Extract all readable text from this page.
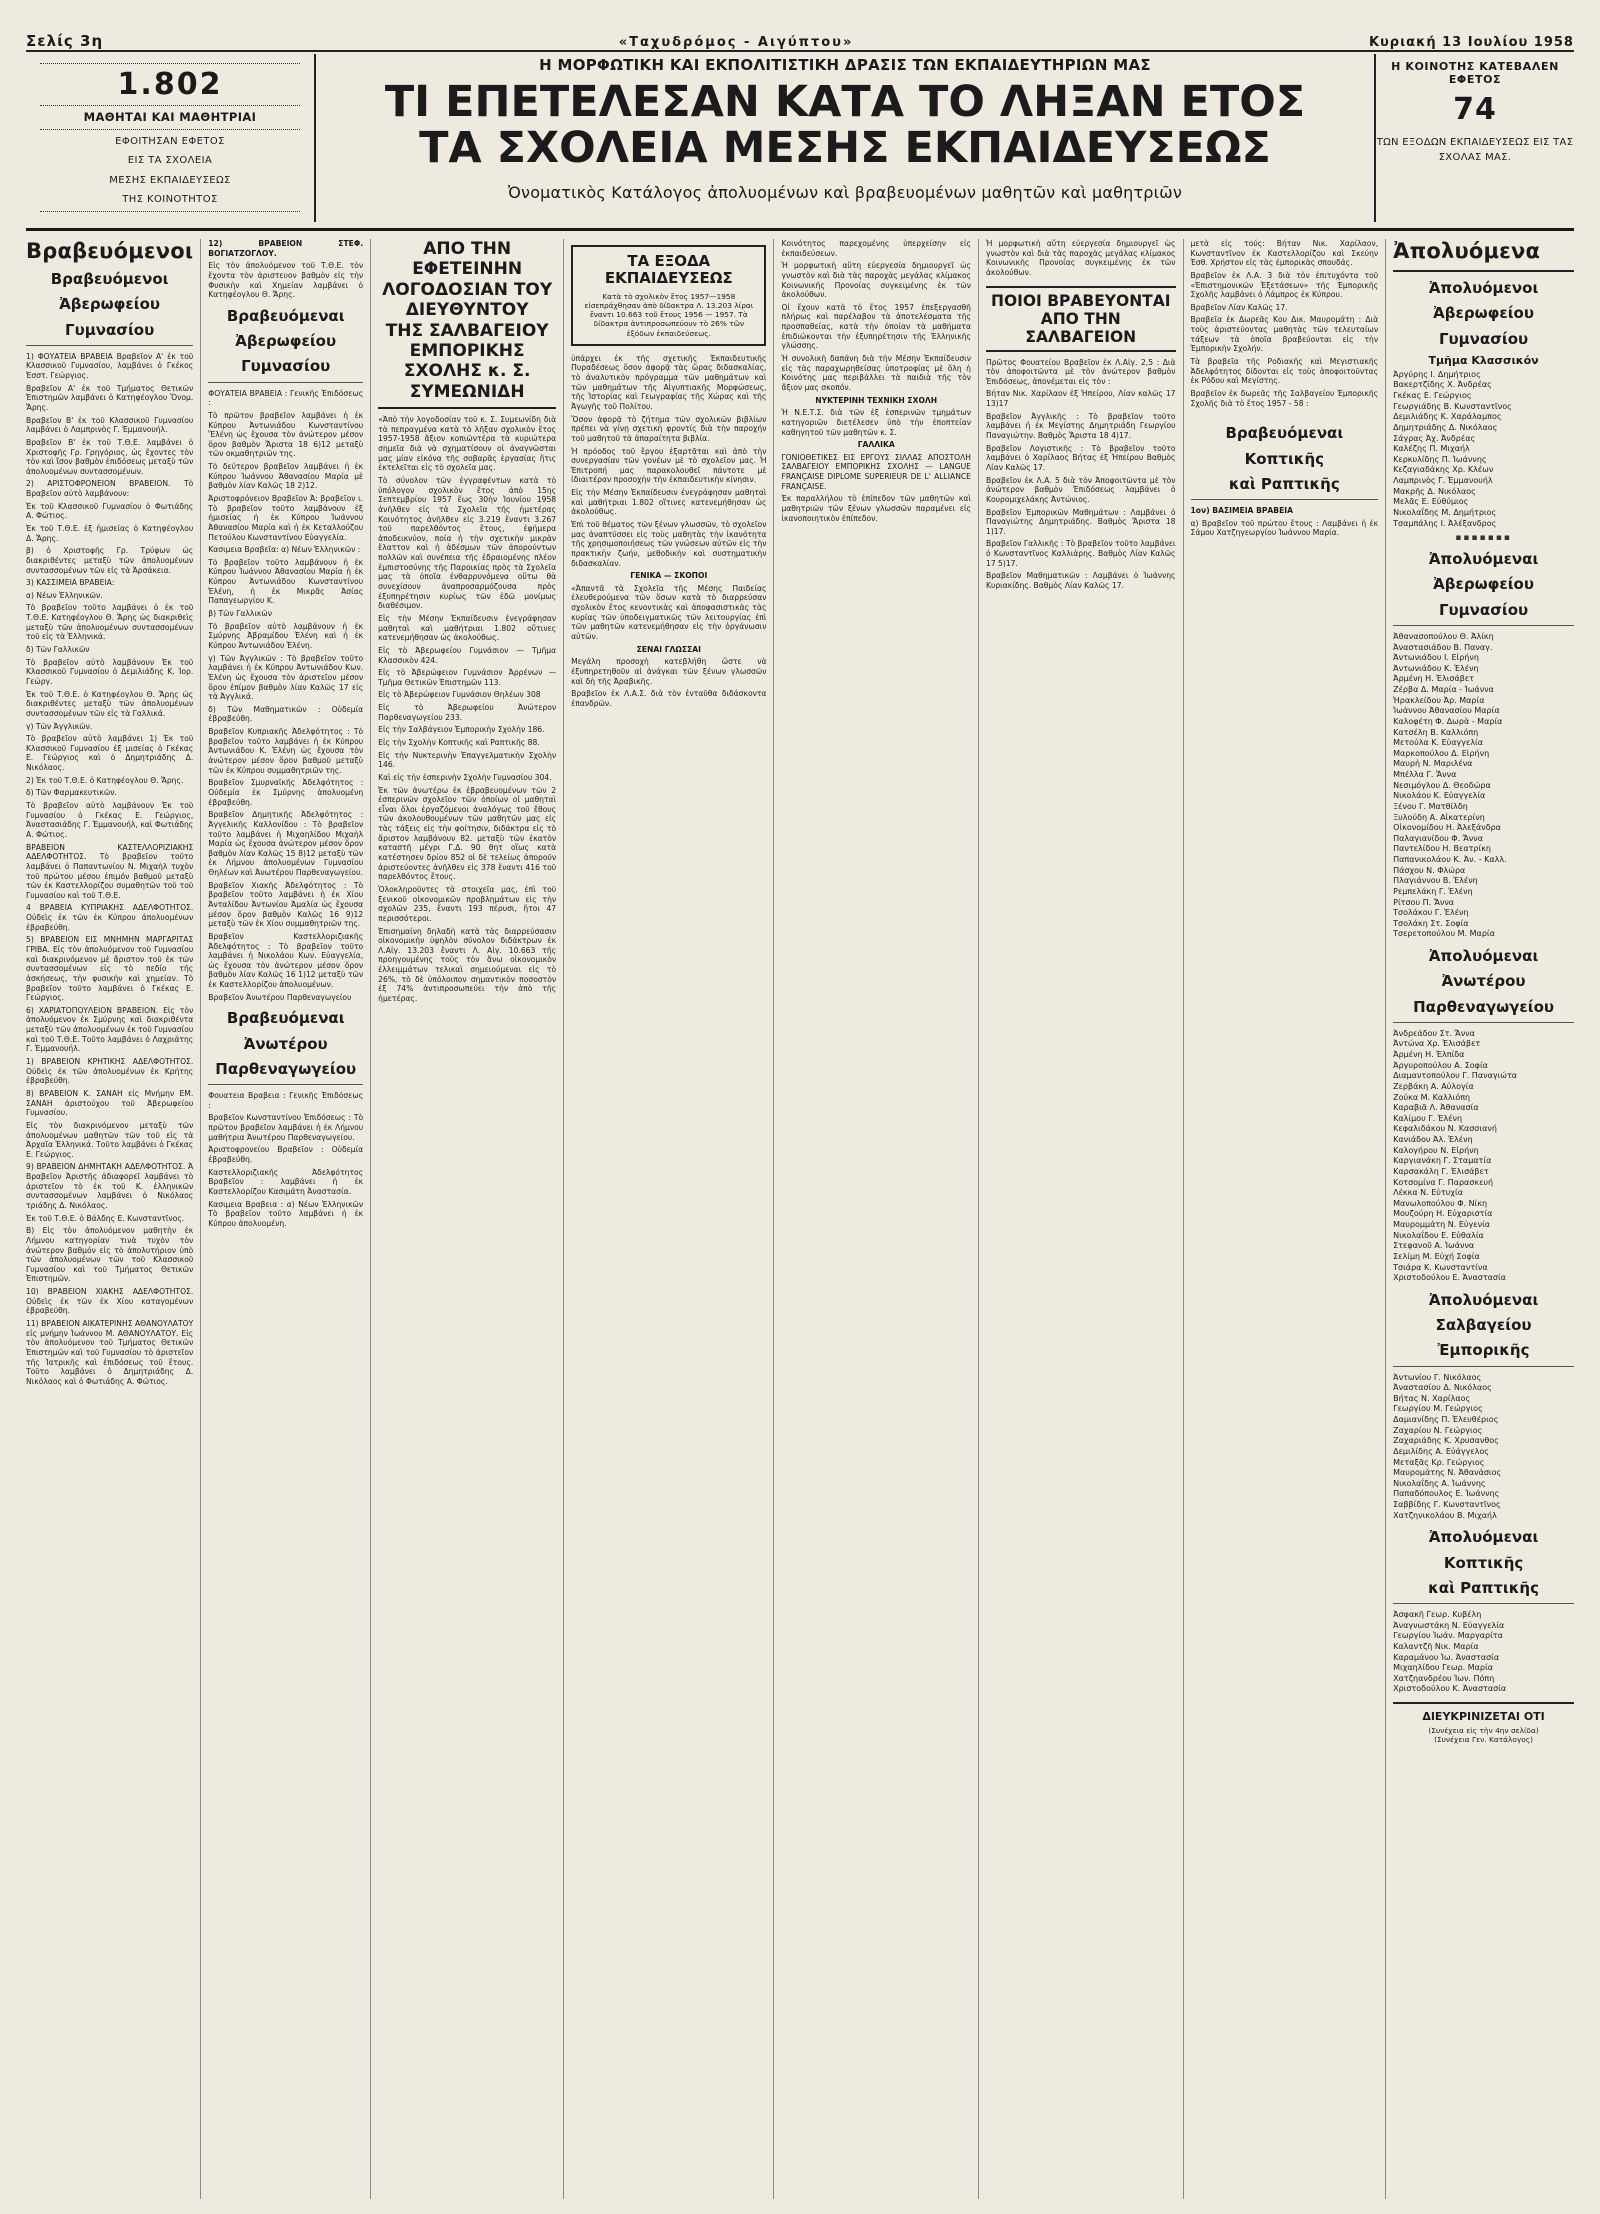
Σελίς 3η	«Ταχυδρόμος - Αιγύπτου»	Κυριακή 13 Ιουλίου 1958
1.802
ΜΑΘΗΤΑΙ ΚΑΙ ΜΑΘΗΤΡΙΑΙ
ΕΦΟΙΤΗΣΑΝ ΕΦΕΤΟΣ
ΕΙΣ ΤΑ ΣΧΟΛΕΙΑ
ΜΕΣΗΣ ΕΚΠΑΙΔΕΥΣΕΩΣ
ΤΗΣ ΚΟΙΝΟΤΗΤΟΣ
Η ΜΟΡΦΩΤΙΚΗ ΚΑΙ ΕΚΠΟΛΙΤΙΣΤΙΚΗ ΔΡΑΣΙΣ ΤΩΝ ΕΚΠΑΙΔΕΥΤΗΡΙΩΝ ΜΑΣ
ΤΙ ΕΠΕΤΕΛΕΣΑΝ ΚΑΤΑ ΤΟ ΛΗΞΑΝ ΕΤΟΣ
ΤΑ ΣΧΟΛΕΙΑ ΜΕΣΗΣ ΕΚΠΑΙΔΕΥΣΕΩΣ
Ὀνοματικὸς Κατάλογος ἀπολυομένων καὶ βραβευομένων μαθητῶν καὶ μαθητριῶν
Η ΚΟΙΝΟΤΗΣ ΚΑΤΕΒΑΛΕΝ ΕΦΕΤΟΣ
74
ΤΩΝ ΕΞΟΔΩΝ ΕΚΠΑΙΔΕΥΣΕΩΣ ΕΙΣ ΤΑΣ ΣΧΟΛΑΣ ΜΑΣ.
Βραβευόμενοι
Βραβευόμενοι
Ἀβερωφείου
Γυμνασίου

1) ΦΟΥΑΤΕΙΑ ΒΡΑΒΕΙΑ Βραβεῖον Α' ἐκ τοῦ Κλασσικοῦ Γυμνασίου, λαμβάνει ὁ Γκέκος Ἐσστ. Γεώργιος.

Βραβεῖον Α' ἐκ τοῦ Τμήματος Θετικῶν Ἐπιστημῶν λαμβάνει ὁ Κατηφέογλου Ὄνομ. Ἄρης.

Βραβεῖον Β' ἐκ τοῦ Κλασσικοῦ Γυμνασίου λαμβάνει ὁ Λαμπρινὸς Γ. Ἐμμανουήλ.

Βραβεῖον Β' ἐκ τοῦ Τ.Θ.Ε. λαμβάνει ὁ Χριστοφῆς Γρ. Γρηγόριος, ὡς ἔχοντες τὸν τὸν καὶ ἴσον βαθμὸν ἐπιδόσεως μεταξὺ τῶν ἀπολυομένων συντασσομένων.

2) ΑΡΙΣΤΟΦΡΟΝΕΙΟΝ ΒΡΑΒΕΙΟΝ. Τὸ Βραβεῖον αὐτὸ λαμβάνουν:

Ἐκ τοῦ Κλασσικοῦ Γυμνασίου ὁ Φωτιάδης Α. Φώτιος.

Ἐκ τοῦ Τ.Θ.Ε. ἐξ ἡμισείας ὁ Κατηφέογλου Δ. Ἄρης.

β) ὁ Χριστοφῆς Γρ. Τρύφων ὡς διακριθέντες μεταξὺ τῶν ἀπολυομένων συντασσομένων τῶν εἰς τὰ Ἀρσάκεια.

3) ΚΑΣΣΙΜΕΙΑ ΒΡΑΒΕΙΑ:

α) Νέων Ἑλληνικῶν.

Τὸ βραβεῖον τοῦτο λαμβάνει ὁ ἐκ τοῦ Τ.Θ.Ε. Κατηφέογλου Θ. Ἄρης ὡς διακριθεὶς μεταξὺ τῶν ἀπολυομένων συντασσομένων τοῦ εἰς τὰ Ἑλληνικά.

δ) Τῶν Γαλλικῶν

Τὸ βραβεῖον αὐτὸ λαμβάνουν Ἐκ τοῦ Κλασσικοῦ Γυμνασίου ὁ Δεμιλιάδης Κ. Ἰορ. Γεώργ.

Ἐκ τοῦ Τ.Θ.Ε. ὁ Κατηφέογλου Θ. Ἄρης ὡς διακριθέντες μεταξὺ τῶν ἀπολυομένων συντασσομένων τῶν εἰς τὰ Γαλλικά.

γ) Τῶν Ἀγγλικῶν.

Τὸ βραβεῖον αὐτὸ λαμβάνει 1) Ἐκ τοῦ Κλασσικοῦ Γυμνασίου ἐξ μισείας ὁ Γκέκας Ε. Γεώργιος καὶ ὁ Δημητριάδης Δ. Νικόλαος.

2) Ἐκ τοῦ Τ.Θ.Ε. ὁ Κατηφέογλου Θ. Ἄρης.

δ) Τῶν Φαρμακευτικῶν.

Τὸ βραβεῖον αὐτὸ λαμβάνουν Ἐκ τοῦ Γυμνασίου ὁ Γκέκας Ε. Γεώργιος, Ἀναστασιάδης Γ. Ἐμμανουήλ, καὶ Φωτιάδης Α. Φώτιος.

ΒΡΑΒΕΙΟΝ ΚΑΣΤΕΛΛΟΡΙΖΙΑΚΗΣ ΑΔΕΛΦΟΤΗΤΟΣ. Τὸ βραβεῖον τοῦτο λαμβάνει ὁ Παπαντωνίου Ν. Μιχαὴλ τυχὸν τοῦ πρώτου μέσου ἐπιμόν βαθμοῦ μεταξὺ τῶν ἐκ Καστελλορίζου συμαθητῶν τοῦ τοῦ Γυμνασίου καὶ τοῦ Τ.Θ.Ε.

4 ΒΡΑΒΕΙΑ ΚΥΠΡΙΑΚΗΣ ΑΔΕΛΦΟΤΗΤΟΣ. Οὐδεὶς ἐκ τῶν ἐκ Κύπρου ἀπολυομένων ἐβραβεύθη.

5) ΒΡΑΒΕΙΟΝ ΕΙΣ ΜΝΗΜΗΝ ΜΑΡΓΑΡΙΤΑΣ ΓΡΙΒΑ. Εἰς τὸν ἀπολυόμενον τοῦ Γυμνασίου καὶ διακρινόμενον μὲ ἄριστον τοῦ ἐκ τῶν συντασσομένων εἰς τὸ πεδίο τῆς ἀσκήσεως, τὴν φυσικὴν καὶ χημείαν. Τὸ βραβεῖον τοῦτο λαμβάνει ὁ Γκέκας Ε. Γεώργιος.

6) ΧΑΡΙΑΤΟΠΟΥΛΕΙΟΝ ΒΡΑΒΕΙΟΝ. Εἰς τὸν ἀπολυόμενον ἐκ Σμύρνης καὶ διακριθέντα μεταξὺ τῶν ἀπολυομένων ἐκ τοῦ Γυμνασίου καὶ τοῦ Τ.Θ.Ε. Τοῦτο λαμβάνει ὁ Λαχριάτης Γ. Ἐμμανουήλ.

1) ΒΡΑΒΕΙΟΝ ΚΡΗΤΙΚΗΣ ΑΔΕΛΦΟΤΗΤΟΣ. Οὐδεὶς ἐκ τῶν ἀπολυομένων ἐκ Κρήτης ἐβραβεύθη.

8) ΒΡΑΒΕΙΟΝ Κ. ΣΑΝΑΗ εἰς Μνήμην ΕΜ. ΣΑΝΑΗ ἀριστούχου τοῦ Ἀβερωφείου Γυμνασίου.

Εἰς τὸν διακρινόμενον μεταξὺ τῶν ἀπολυομένων μαθητῶν τῶν τοῦ εἰς τὰ Ἀρχαῖα Ἑλληνικά. Τοῦτο λαμβάνει ὁ Γκέκας Ε. Γεώργιος.

9) ΒΡΑΒΕΙΟΝ ΔΗΜΗΤΑΚΗ ΑΔΕΛΦΟΤΗΤΟΣ. Ἀ Βραβεῖον Ἀριστῆς ἀδιαφορεῖ λαμβάνει τὸ ἀριστεῖον τὸ ἐκ τοῦ Κ. ἐλληνικῶν συντασσομένων λαμβάνει ὁ Νικόλαος τριάδης Δ. Νικόλαος.

Ἐκ τοῦ Τ.Θ.Ε. ὁ Βάλδης Ε. Κωνσταντῖνος.

Β) Εἰς τὸν ἀπολυόμενον μαθητὴν ἐκ Λήμνου κατηγορίαν τινὰ τυχὸν τὸν ἀνώτερον βαθμόν εἰς τὸ ἀπολυτήριον ὑπὸ τῶν ἀπολυομένων τῶν τοῦ Κλασσικοῦ Γυμνασίου καὶ τοῦ Τμήματος Θετικῶν Ἐπιστημῶν.

10) ΒΡΑΒΕΙΟΝ ΧΙΑΚΗΣ ΑΔΕΛΦΟΤΗΤΟΣ. Οὐδεὶς ἐκ τῶν ἐκ Χίου καταγομένων ἐβραβεύθη.

11) ΒΡΑΒΕΙΟΝ ΑΙΚΑΤΕΡΙΝΗΣ ΑΘΑΝΟΥΛΑΤΟΥ εἰς μνήμην Ἰωάννου Μ. ΑΘΑΝΟΥΛΑΤΟΥ. Εἰς τὸν ἀπολυόμενον τοῦ Τμήματος Θετικῶν Ἐπιστημῶν καὶ τοῦ Γυμνασίου τὸ ἀριστεῖον τῆς Ἰατρικῆς καὶ ἐπιδόσεως τοῦ ἔτους. Τοῦτο λαμβάνει ὁ Δημητριάδης Δ. Νικόλαος καὶ ὁ Φωτιάδης Α. Φώτιος.

12) ΒΡΑΒΕΙΟΝ ΣΤΕΦ. ΒΟΓΙΑΤΖΟΓΛΟΥ.

Εἰς τὸν ἀπολυόμενον τοῦ Τ.Θ.Ε. τὸν ἔχοντα τὸν ἀριστευον βαθμὸν εἰς τὴν Φυσικὴν καὶ Χημείαν λαμβάνει ὁ Κατηφέογλου Θ. Ἄρης.

Βραβευόμεναι
Ἀβερωφείου
Γυμνασίου

ΦΟΥΑΤΕΙΑ ΒΡΑΒΕΙΑ : Γενικῆς Ἐπιδόσεως :

Τὸ πρῶτον βραβεῖον λαμβάνει ἡ ἐκ Κύπρου Ἀντωνιάδου Κωνσταντίνου Ἕλένη ὡς ἔχουσα τὸν ἀνώτερον μέσον ὅρον βαθμὸν Ἄριστα 18 6)12 μεταξὺ τῶν οκμαθητριῶν της.

Τὸ δεύτερον βραβεῖον λαμβάνει ἡ ἐκ Κύπρου Ἰωάννου Ἀθανασίου Μαρία μὲ βαθμὸν λίαν Καλῶς 18 2)12.

Ἀριστοφρόνειον Βραβεῖον Ἀ: βραβεῖον ι. Τὸ βραβεῖον τοῦτο λαμβάνουν ἐξ ἡμισείας ἡ ἐκ Κύπρου Ἰωάννου Ἀθανασίου Μαρία καὶ ἡ ἐκ Κεταλλούζου Πετούλου Κωνσταντίνου Εὐαγγελία.

Κασιμεια Βραβεῖα: α) Νέων Ἑλληνικῶν :

Τὸ βραβεῖον τοῦτο λαμβάνουν ἡ ἐκ Κύπρου Ἰωάννου Ἀθανασίου Μαρία ἡ ἐκ Κύπρου Ἀντωνιάδου Κωνσταντίνου Ἑλένη, ἡ ἐκ Μικρᾶς Ἀσίας Παπαγεωργίου Κ.

β) Τῶν Γαλλικῶν

Τὸ βραβεῖον αὐτὸ λαμβάνουν ἡ ἐκ Σμύρνης Ἀβραμίδου Ἑλένη καὶ ἡ ἐκ Κύπρου Ἀντωνιάδου Ἑλένη.

γ) Τῶν Ἀγγλικῶν : Τὸ βραβεῖον τοῦτο λαμβάνει ἡ ἐκ Κύπρου Ἀντωνιάδου Κων. Ἑλένη ὡς ἔχουσα τὸν ἀριστεῖον μέσον ὅρον ἐπίμον βαθμὸν λίαν Καλῶς 17 εἰς τὰ Ἀγγλικά.

δ) Τῶν Μαθηματικῶν : Οὐδεμία ἐβραβεύθη.

Βραβεῖον Κυπριακῆς Ἀδελφότητος : Τὸ βραβεῖον τοῦτο λαμβάνει ἡ ἐκ Κύπρου Ἀντωνιάδου Κ. Ἑλένη ὡς ἔχουσα τὸν ἀνώτερον μέσον ὅρον βαθμοῦ μεταξὺ τῶν ἐκ Κύπρου συμμαθητριῶν της.

Βραβεῖον Σμυρναϊκῆς Ἀδελφότητος : Οὐδεμία ἐκ Σμύρνης ἀπολυομένη ἐβραβεύθη.

Βραβεῖον Δημητικῆς Ἀδελφότητος : Ἀγγελικῆς Καλλονίδου : Τὸ βραβεῖον τοῦτο λαμβάνει ἡ Μιχαηλίδου Μιχαὴλ Μαρία ὡς ἔχουσα ἀνώτερον μέσον ὅρον βαθμὸν λίαν Καλῶς 15 8)12 μεταξὺ τῶν ἐκ Λήμνου ἀπολυομένων Γυμνασίου Θηλέων καὶ Ἀνωτέρου Παρθεναγωγείου.

Βραβεῖον Χιακῆς Ἀδελφότητος : Τὸ βραβεῖον τοῦτο λαμβάνει ἡ ἐκ Χίου Ἀνταλίδου Ἀντωνίου Ἀμαλία ὡς ἔχουσα μέσον ὅρον βαθμὸν Καλῶς 16 9)12 μεταξὺ τῶν ἐκ Χίου συμμαθητριῶν της.

Βραβεῖον Καστελλοριζιακῆς Ἀδελφότητος : Τὸ βραβεῖον τοῦτο λαμβάνει ἡ Νικολάου Κων. Εὐαγγελία, ὡς ἔχουσα τὸν ἀνώτερον μέσον ὅρον βαθμὸν λίαν Καλῶς 16 1)12 μεταξὺ τῶν ἐκ Καστελλορίζου ἀπολυομένων.

Βραβεῖον Ἀνωτέρου Παρθεναγωγείου

Βραβευόμεναι
Ἀνωτέρου
Παρθεναγωγείου

Φουατεια Βραβεια : Γενικῆς Ἐπιδόσεως :

Βραβεῖον Κωνσταντίνου Ἐπιδόσεως : Τὸ πρῶτον βραβεῖον λαμβάνει ἡ ἐκ Λήμνου μαθήτρια Ἀνωτέρου Παρθεναγωγείου.

Ἀριστοφρονείου Βραβεῖον : Οὐδεμία ἐβραβεύθη.

Καστελλοριζιακῆς Ἀδελφότητος Βραβεῖον : λαμβάνει ἡ ἐκ Καστελλορίζου Κασιμάτη Ἀναστασία.

Κασιμεια Βραβεια : α) Νέων Ἑλληνικῶν Τὸ βραβεῖον τοῦτο λαμβάνει ἡ ἐκ Κύπρου ἀπολυομένη.

ΑΠΟ ΤΗΝ ΕΦΕΤΕΙΝΗΝ ΛΟΓΟΔΟΣΙΑΝ ΤΟΥ ΔΙΕΥΘΥΝΤΟΥ
ΤΗΣ ΣΑΛΒΑΓΕΙΟΥ ΕΜΠΟΡΙΚΗΣ ΣΧΟΛΗΣ κ. Σ. ΣΥΜΕΩΝΙΔΗ

«Ἀπὸ τὴν λογοδοσίαν τοῦ κ. Σ. Συμεωνίδη διὰ τὰ πεπραγμένα κατὰ τὸ λῆξαν σχολικὸν ἔτος 1957-1958 ἄξιον κοπιῶντέρα τὰ κυριώτερα σημεῖα διὰ νὰ σχηματίσουν οἱ ἀναγνῶσται μας μίαν εἰκόνα τῆς σοβαρᾶς ἐργασίας ἥτις ἐκτελεῖται εἰς τὸ σχολεῖα μας.

Τὸ σύνολον τῶν ἐγγραφέντων κατὰ τὸ ὑπόλογον σχολικὸν ἔτος ἀπὸ 15ης Σεπτεμβρίου 1957 ἕως 30ὴν Ἰουνίου 1958 ἀνῆλθεν εἰς τὰ Σχολεῖα τῆς ἡμετέρας Κοινότητος ἀνῆλθεν εἰς 3.219 ἔναντι 3.267 τοῦ παρελθόντος ἔτους, ἐφήμερα ἀποδεικνύον, ποία ἡ τὴν σχετικὴν μικρὰν ἔλαττον καὶ ἡ ἀδέσμων τῶν ἀπορούντων πολλῶν καὶ συνέπεια τῆς ἐδραιομένης πλέον ἐμπιστοσύνης τῆς Παροικίας πρὸς τὰ Σχολεῖα μας τὰ ὁποῖα ἐνθαρρυνόμενα οὕτω θὰ συνεχίσουν ἀναπροσαρμόζουσα πρὸς ἐξυπηρέτησιν κυρίως τῶν ἐδῶ μονίμως διαθέσιμον.

Εἰς τὴν Μέσην Ἐκπαίδευσιν ἐνεγράφησαν μαθηταὶ καὶ μαθήτριαι 1.802 οὕτινες κατενεμήθησαν ὡς ἀκολούθως.

Εἰς τὸ Ἀβερωφείου Γυμνάσιον — Τμῆμα Κλασσικὸν 424.

Εἰς τὸ Ἀβερώφειον Γυμνάσιον Ἀρρένων — Τμῆμα Θετικῶν Ἐπιστημῶν 113.

Εἰς τὸ Ἀβερώφειον Γυμνάσιον Θηλέων 308

Εἰς τὸ Ἀβερωφείου Ἀνώτερον Παρθεναγωγείου 233.

Εἰς τὴν Σαλβάγειον Ἐμπορικὴν Σχολὴν 186.

Εἰς τὴν Σχολὴν Κοπτικῆς καὶ Ραπτικῆς 88.

Εἰς τὴν Νυκτερινὴν Ἐπαγγελματικὴν Σχολὴν 146.

Καὶ εἰς τὴν ἑσπερινὴν Σχολὴν Γυμνασίου 304.

Ἐκ τῶν ἀνωτέρω ἐκ ἐβραβευομένων τῶν 2 ἑσπερινῶν σχολεῖον τῶν ὁποίων οἱ μαθηταὶ εἶναι ὅλοι ἐργαζόμενοι ἀναλόγως τοῦ ἔθους τῶν ἀκολουθουμένων τῶν μαθητῶν μας εἰς τὰς τάξεις εἰς τὴν φοίτησιν, διδάκτρα εἰς τὸ ἄριστον λαμβάνουν 82. μεταξὺ τῶν ἑκατὸν καταστῆ μέγρι Γ.Δ. 90 θητ οἵως κατὰ κατέστησεν δρίον 852 οἱ δὲ τελείως ἀποροῦν ἀριστεύοντες ἀνῆλθεν εἰς 378 ἔναντι 416 τοῦ παρελθόντος ἔτους.

Ὁλοκληροῦντες τὰ στοιχεῖα μας, ἐπὶ τοῦ ξενικοῦ οἰκονομικῶν προβλημάτων εἰς τὴν σχολῶν 235, ἔναντι 193 πέρυσι, ἤτοι 47 περισσότεροι.

Ἐπισημαίνη δηλαδὴ κατὰ τὰς διαρρεύσασιν οἰκονομικὴν ὑψηλὸν σύνολον διδάκτρων ἐκ Λ.Αἰγ. 13.203 ἔναντι Λ. Αἰγ. 10.663 τῆς προηγουμένης τοὺς τὸν ἄνω οἰκονομικὸν ἐλλειμμάτων τελικαὶ σημειούμεναι εἰς τὸ 26%, τὸ δὲ ὑπόλοιπον σημαντικὸν ποσοστὸν ἐξ 74% ἀντιπροσωπεύει τὴν ἀπὸ τῆς ἡμετέρας.

ΤΑ ΕΞΟΔΑ
ΕΚΠΑΙΔΕΥΣΕΩΣ
Κατὰ τὸ σχολικὸν ἔτος 1957—1958 εἰσεπράχθησαν ἀπὸ δίδακτρα Λ. 13.203 λίραι ἔναντι 10.663 τοῦ ἔτους 1956 — 1957. Τὰ δίδακτρα ἀντιπροσωπεύουν τὸ 26% τῶν ἐξόδων ἐκπαιδεύσεως.

ὑπάρχει ἐκ τῆς σχετικῆς Ἐκπαιδευτικῆς Πυραδέσεως ὅσον ἀφορᾷ τὰς ὥρας διδασκαλίας, τὸ ἀναλυτικὸν πρόγραμμα τῶν μαθημάτων καὶ τῶν μαθημάτων τῆς Αἰγυπτιακῆς Μορφώσεως, τῆς Ἱστορίας καὶ Γεωγραφίας τῆς Χώρας καὶ τῆς Ἀγωγῆς τοῦ Πολίτου.

Ὅσον ἀφορᾷ τὸ ζήτημα τῶν σχολικῶν βιβλίων πρέπει νὰ γίνῃ σχετικὴ φροντίς διὰ τὴν παροχήν τοῦ μαθητοῦ τὰ ἀπαραίτητα βιβλία.

Ἡ πρόοδος τοῦ ἔργου ἐξαρτᾶται καὶ ἀπὸ τὴν συνεργασίαν τῶν γονέων μὲ τὸ σχολεῖον μας. Ἡ Ἐπιτροπή μας παρακολουθεῖ πάντοτε μὲ ἰδιαιτέραν προσοχὴν τὴν ἐκπαιδευτικὴν κίνησιν.

Εἰς τὴν Μέσην Ἐκπαίδευσιν ἐνεγράφησαν μαθηταὶ καὶ μαθήτριαι 1.802 οἵτινες κατενεμήθησαν ὡς ἀκολούθως.

Ἐπὶ τοῦ θέματος τῶν ξένων γλωσσῶν, τὸ σχολεῖον μας ἀναπτύσσει εἰς τοὺς μαθητὰς τὴν ἱκανότητα τῆς χρησιμοποιήσεως τῶν γνώσεων αὐτῶν εἰς τὴν πρακτικὴν ζωήν, μεθοδικὴν καὶ συστηματικὴν διδασκαλίαν.

ΓΕΝΙΚΑ — ΣΚΟΠΟΙ

«Ἀπαντᾶ τὰ Σχολεῖα τῆς Μέσης Παιδείας ἐλευθερούμενα τῶν ὅσων κατὰ τὸ διαρρεύσαν σχολικὸν ἔτος κενοντικὰς καὶ ἀποφασιστικὰς τὰς κυρίας τῶν ὑποδειγματικῶς τῶν λειτουργίας ἐπὶ τῶν μαθητῶν κατενεμήθησαν εἰς τὴν ὀργάνωσιν αὐτῶν.

ΣΕΝΑΙ ΓΛΩΣΣΑΙ

Μεγάλη προσοχὴ κατεβλήθη ὥστε νὰ ἐξυπηρετηθοῦν αἱ ἀνάγκαι τῶν ξένων γλωσσῶν καὶ δὴ τῆς Ἀραβικῆς.

Βραβεῖον ἐκ Λ.Α.Σ. διὰ τὸν ἐνταῦθα διδάσκοντα ἐπανδρῶν.

Κοινότητος παρεχομένης ὑπερχείσην εἰς ἐκπαιδεύσεων.

Ἡ μορφωτικὴ αὕτη εὐεργεσία δημιουργεῖ ὡς γνωστὸν καὶ διὰ τὰς παροχὰς μεγάλας κλίμακος Κοινωνικῆς Προνοίας συγκειμένης ἐκ τῶν ἀκολούθων.

Οἱ ἔχουν κατὰ τὸ ἔτος 1957 ἐπεξεργασθῆ πλήρως καὶ παρέλαβον τὰ ἀποτελέσματα τῆς προσπαθείας, κατὰ τὴν ὁποίαν τὰ μαθήματα ἐπιδιώκονται τὴν ἐξυπηρέτησιν τῆς Ἑλληνικῆς γλώσσης.

Ἡ συνολικὴ δαπάνη διὰ τὴν Μέσην Ἐκπαίδευσιν εἰς τὰς παραχωρηθείσας ὑποτροφίας μὲ ὅλη ἡ Κοινότης μας περιβάλλει τὰ παιδιὰ τῆς τὸν ἄξιον μας σκοπόν.

ΝΥΚΤΕΡΙΝΗ ΤΕΧΝΙΚΗ ΣΧΟΛΗ

Ἡ Ν.Ε.Τ.Σ. διὰ τῶν ἐξ ἐσπερινῶν τμημάτων κατηγοριῶν διετέλεσεν ὑπὸ τὴν ἐποπτείαν καθηγητοῦ τῶν μαθητῶν κ. Σ.

ΓΑΛΛΙΚΑ

ΓΟΝΙΟΘΕΤΙΚΕΣ ΕΙΣ ΕΡΓΟΥΣ ΣΙΛΛΑΣ ΑΠΟΣΤΟΛΗ ΣΑΛΒΑΓΕΙΟΥ ΕΜΠΟΡΙΚΗΣ ΣΧΟΛΗΣ — LANGUE FRANÇAISE DIPLOME SUPERIEUR DE L' ALLIANCE FRANÇAISE.

Ἐκ παραλλήλου τὸ ἐπίπεδον τῶν μαθητῶν καὶ μαθητριῶν τῶν ξένων γλωσσῶν παραμένει εἰς ἱκανοποιητικὸν ἐπίπεδον.

Ἡ μορφωτικὴ αὕτη εὐεργεσία δημιουργεῖ ὡς γνωστὸν καὶ διὰ τὰς παροχὰς μεγάλας κλίμακος Κοινωνικῆς Προνοίας συγκειμένης ἐκ τῶν ἀκολούθων.

ΠΟΙΟΙ ΒΡΑΒΕΥΟΝΤΑΙ ΑΠΟ ΤΗΝ ΣΑΛΒΑΓΕΙΟΝ

Πρῶτος Φουατείου Βραβεῖον ἐκ Λ.Αἰγ. 2,5 : Διὰ τὸν ἀποφοιτῶντα μὲ τὸν ἀνώτερον βαθμὸν Ἐπιδόσεως, ἀπονέμεται εἰς τὸν :

Βήταν Νικ. Χαρίλαον ἐξ Ἠπείρου, Λίαν καλῶς 17 13)17

Βραβεῖον Ἀγγλικῆς : Τὸ βραβεῖον τοῦτο λαμβάνει ἡ ἐκ Μεγίστης Δημητριάδη Γεωργίου Παναγιώτην. Βαθμὸς Ἄριστα 18 4)17.

Βραβεῖον Λογιστικῆς : Τὸ βραβεῖον τοῦτο λαμβάνει ὁ Χαρίλαος Βήτας ἐξ Ἠπείρου Βαθμὸς Λίαν Καλῶς 17.

Βραβεῖον ἐκ Λ.Α. 5 διὰ τὸν Ἀποφοιτῶντα μὲ τὸν ἀνώτερον βαθμὸν Ἐπιδόσεως λαμβάνει ὁ Κουρομιχελάκης Ἀντώνιος.

Βραβεῖον Ἐμπορικῶν Μαθημάτων : Λαμβάνει ὁ Παναγιώτης Δημητριάδης. Βαθμὸς Ἄριστα 18 1)17.

Βραβεῖον Γαλλικῆς : Τὸ βραβεῖον τοῦτο λαμβάνει ὁ Κωνσταντῖνος Καλλιάρης. Βαθμὸς Λίαν Καλῶς 17 5)17.

Βραβεῖον Μαθηματικῶν : Λαμβάνει ὁ Ἰωάννης Κυριακίδης. Βαθμὸς Λίαν Καλῶς 17.

μετὰ εἰς τούς: Βήταν Νικ. Χαρίλαον, Κωνσταντῖνον ἐκ Καστελλορίζου καὶ Σκεύην Ἐσθ. Χρήστον εἰς τὰς ἐμπορικὰς σπουδάς.

Βραβεῖον ἐκ Λ.Α. 3 διὰ τὸν ἐπιτυχόντα τοῦ «Ἐπιστημονικῶν Ἐξετάσεων» τῆς Ἐμπορικῆς Σχολῆς λαμβάνει ὁ Λάμπρος ἐκ Κύπρου.

Βραβεῖον Λίαν Καλῶς 17.

Βραβεῖα ἐκ Δωρεᾶς Κου Δικ. Μαυρομάτη : Διὰ τοὺς ἀριστεύοντας μαθητὰς τῶν τελευταίων τάξεων τὰ ὁποῖα βραβεύονται εἰς τὴν Ἐμπορικὴν Σχολήν.

Τὰ βραβεῖα τῆς Ροδιακῆς καὶ Μεγιστιακῆς Ἀδελφότητος δίδονται εἰς τοὺς ἀποφοιτοῦντας ἐκ Ρόδου καὶ Μεγίστης.

Βραβεῖον ἐκ δωρεᾶς τῆς Σαλβαγείου Ἐμπορικῆς Σχολῆς διὰ τὸ ἔτος 1957 - 58 :

Βραβευόμεναι
Κοπτικῆς
καὶ Ραπτικῆς

1ον) ΒΑΣΙΜΕΙΑ ΒΡΑΒΕΙΑ

α) Βραβεῖον τοῦ πρώτου ἔτους : Λαμβάνει ἡ ἐκ Σάμου Χατζηγεωργίου Ἰωάννου Μαρία.

Ἀπολυόμενα
Ἀπολυόμενοι
Ἀβερωφείου
Γυμνασίου
Τμῆμα Κλασσικόν
Ἀργύρης Ι. Δημήτριος
Βακερτζίδης Χ. Ἀνδρέας
Γκέκας Ε. Γεώργιος
Γεωργιάδης Β. Κωνσταντῖνος
Δεμιλιάδης Κ. Χαράλαμπος
Δημητριάδης Δ. Νικόλαος
Σάγρας Ἀχ. Ἀνδρέας
Καλέζης Π. Μιχαήλ
Κερκυλίδης Π. Ἰωάννης
Κεζαγιαδάκης Χρ. Κλέων
Λαμπρινὸς Γ. Ἐμμανουήλ
Μακρῆς Δ. Νικόλαος
Μελᾶς Ε. Εὐθύμιος
Νικολαΐδης Μ. Δημήτριος
Τσαμπάλης Ι. Ἀλέξανδρος
▪▪▪▪▪▪▪
Ἀπολυόμεναι
Ἀβερωφείου
Γυμνασίου
Ἀθανασοπούλου Θ. Ἀλίκη
Ἀναστασιάδου Β. Παναγ.
Ἀντωνιάδου Ι. Εἰρήνη
Ἀντωνιάδου Κ. Ἑλένη
Ἀρμένη Η. Ἐλισάβετ
Ζέρβα Δ. Μαρία - Ἰωάννα
Ἡρακλείδου Ἀρ. Μαρία
Ἰωάννου Ἀθανασίου Μαρία
Καλοφέτη Φ. Δωρὰ - Μαρία
Κατσέλη Β. Καλλιόπη
Μετούλα Κ. Εὐαγγελία
Μαρκοπούλου Δ. Εἰρήνη
Μαυρὴ Ν. Μαριλένα
Μπέλλα Γ. Ἄννα
Νεσιμόγλου Δ. Θεοδώρα
Νικολάου Κ. Εὐαγγελία
Ξένου Γ. Ματθίλδη
Ξυλούδη Α. Αἰκατερίνη
Οἰκονομίδου Η. Ἀλεξάνδρα
Παλαγιανίδου Φ. Ἄννα
Παντελίδου Η. Βεατρίκη
Παπανικολάου Κ. Ἀν. - Καλλ.
Πάσχου Ν. Φλώρα
Πλαγιάννου Β. Ἑλένη
Ρεμπελάκη Γ. Ἑλένη
Ρίτσου Π. Ἄννα
Τσολάκου Γ. Ἑλένη
Τσολάκη Στ. Σοφία
Τσερετοπούλου Μ. Μαρία
Ἀπολυόμεναι
Ἀνωτέρου
Παρθεναγωγείου
Ἀνδρεάδου Στ. Ἄννα
Ἀντώνα Χρ. Ἐλισάβετ
Ἀρμένη Η. Ἐλπίδα
Ἀργυροπούλου Α. Σοφία
Διαμαντοπούλου Γ. Παναγιώτα
Ζερβάκη Α. Αὐλογία
Ζούκα Μ. Καλλιόπη
Καραβιᾶ Λ. Ἀθανασία
Καλίμου Γ. Ἑλένη
Κεφαλιδάκου Ν. Κασσιανή
Κανιάδου Ἀλ. Ἑλένη
Καλογήρου Ν. Εἰρήνη
Καργιανάκη Γ. Σταματία
Καρσακάλη Γ. Ἐλισάβετ
Κοτσομίνα Γ. Παρασκευή
Λέκκα Ν. Εὐτυχία
Μανωλοπούλου Φ. Νίκη
Μουζούρη Η. Εὐχαριστία
Μαυρομμάτη Ν. Εὐγενία
Νικολαΐδου Ε. Εὐθαλία
Στεφανοῦ Α. Ἰωάννα
Σελίμη Μ. Εὐχή Σοφία
Τσιάρα Κ. Κωνσταντίνα
Χριστοδούλου Ε. Ἀναστασία
Ἀπολυόμεναι
Σαλβαγείου
Ἐμπορικῆς
Ἀντωνίου Γ. Νικόλαος
Ἀναστασίου Δ. Νικόλαος
Βήτας Ν. Χαρίλαος
Γεωργίου Μ. Γεώργιος
Δαμιανίδης Π. Ἐλευθέριος
Ζαχαρίου Ν. Γεώργιος
Ζαχαριάδης Κ. Χρυσανθος
Δεμιλίδης Α. Εὐάγγελος
Μεταξᾶς Κρ. Γεώργιος
Μαυρομάτης Ν. Ἀθανάσιος
Νικολαΐδης Α. Ἰωάννης
Παπαδόπουλος Ε. Ἰωάννης
Σαββίδης Γ. Κωνσταντῖνος
Χατζηνικολάου Β. Μιχαήλ
Ἀπολυόμεναι
Κοπτικῆς
καὶ Ραπτικῆς
Ἀσφακῆ Γεωρ. Κυβέλη
Ἀναγνωστάκη Ν. Εὐαγγελία
Γεωργίου Ἰωάν. Μαργαρίτα
Καλαντζῆ Νικ. Μαρία
Καραμάνου Ἰω. Ἀναστασία
Μιχαηλίδου Γεωρ. Μαρία
Χατζηανδρέου Ἰων. Πόπη
Χριστοδούλου Κ. Ἀναστασία
ΔΙΕΥΚΡΙΝΙΖΕΤΑΙ ΟΤΙ
(Συνέχεια εἰς τὴν 4ην σελίδα)
(Συνέχεια Γεν. Κατάλογος)
